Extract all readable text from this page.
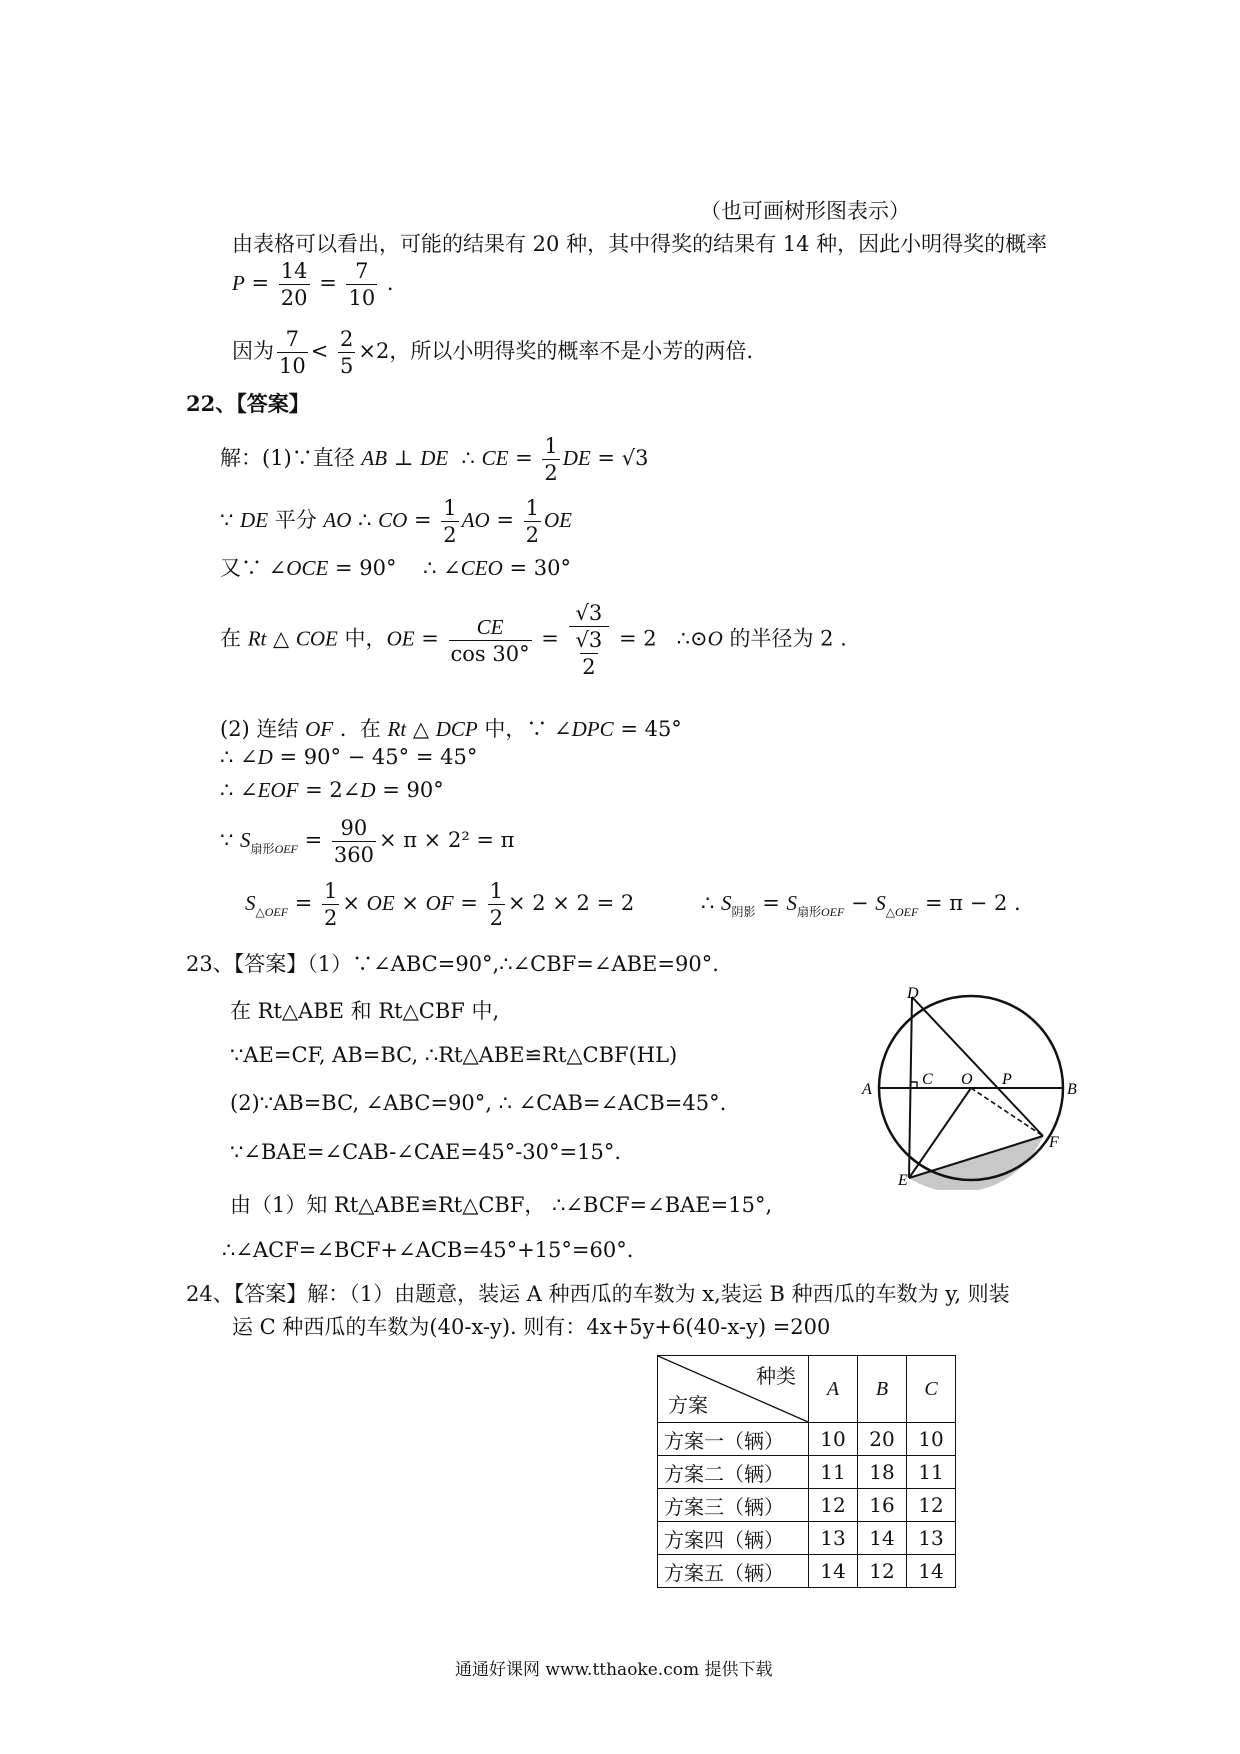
（也可画树形图表示）
由表格可以看出，可能的结果有 20 种，其中得奖的结果有 14 种，因此小明得奖的概率
$P = \frac{14}{20} = \frac{7}{10}$ .
因为 $\frac{7}{10} < \frac{2}{5} \times 2$，所以小明得奖的概率不是小芳的两倍.
22、【答案】
解：(1)∵直径 AB ⊥ DE  ∴ CE = $\frac{1}{2}$ DE = √3
∵ DE 平分 AO ∴ CO = $\frac{1}{2}$ AO = $\frac{1}{2}$ OE
又∵ ∠OCE = 90°    ∴ ∠CEO = 30°
在 Rt △ COE 中，OE = $\frac{CE}{\cos 30^\circ} = \frac{√3}{\frac{√3}{2}} = 2$   ∴⊙O 的半径为 2 .
(2) 连结 OF .  在 Rt △ DCP 中，∵ ∠DPC = 45°
∴ ∠D = 90° − 45° = 45°
∴ ∠EOF = 2∠D = 90°
∵ $S_{扇形OEF} = \frac{90}{360} \times \pi \times 2^2 = \pi$
$S_{\triangle OEF} = \frac{1}{2}$ × OE × OF = $\frac{1}{2} \times 2 \times 2 = 2$          ∴ $S_{阴影} = S_{扇形OEF} - S_{\triangle OEF} = \pi - 2$ .
23、【答案】（1）∵∠ABC=90°,∴∠CBF=∠ABE=90°.
在 Rt△ABE 和 Rt△CBF 中,
∵AE=CF, AB=BC, ∴Rt△ABE≌Rt△CBF(HL)
(2)∵AB=BC, ∠ABC=90°, ∴ ∠CAB=∠ACB=45°.
∵∠BAE=∠CAB-∠CAE=45°-30°=15°.
由（1）知 Rt△ABE≌Rt△CBF， ∴∠BCF=∠BAE=15°,
∴∠ACF=∠BCF+∠ACB=45°+15°=60°.
D
A
C O P
B
F
E
24、【答案】解：（1）由题意，装运 A 种西瓜的车数为 x,装运 B 种西瓜的车数为 y, 则装
运 C 种西瓜的车数为(40-x-y). 则有：4x+5y+6(40-x-y) =200
种类
方案	A	B	C
方案一（辆）	10	20	10
方案二（辆）	11	18	11
方案三（辆）	12	16	12
方案四（辆）	13	14	13
方案五（辆）	14	12	14
通通好课网 www.tthaoke.com 提供下载
